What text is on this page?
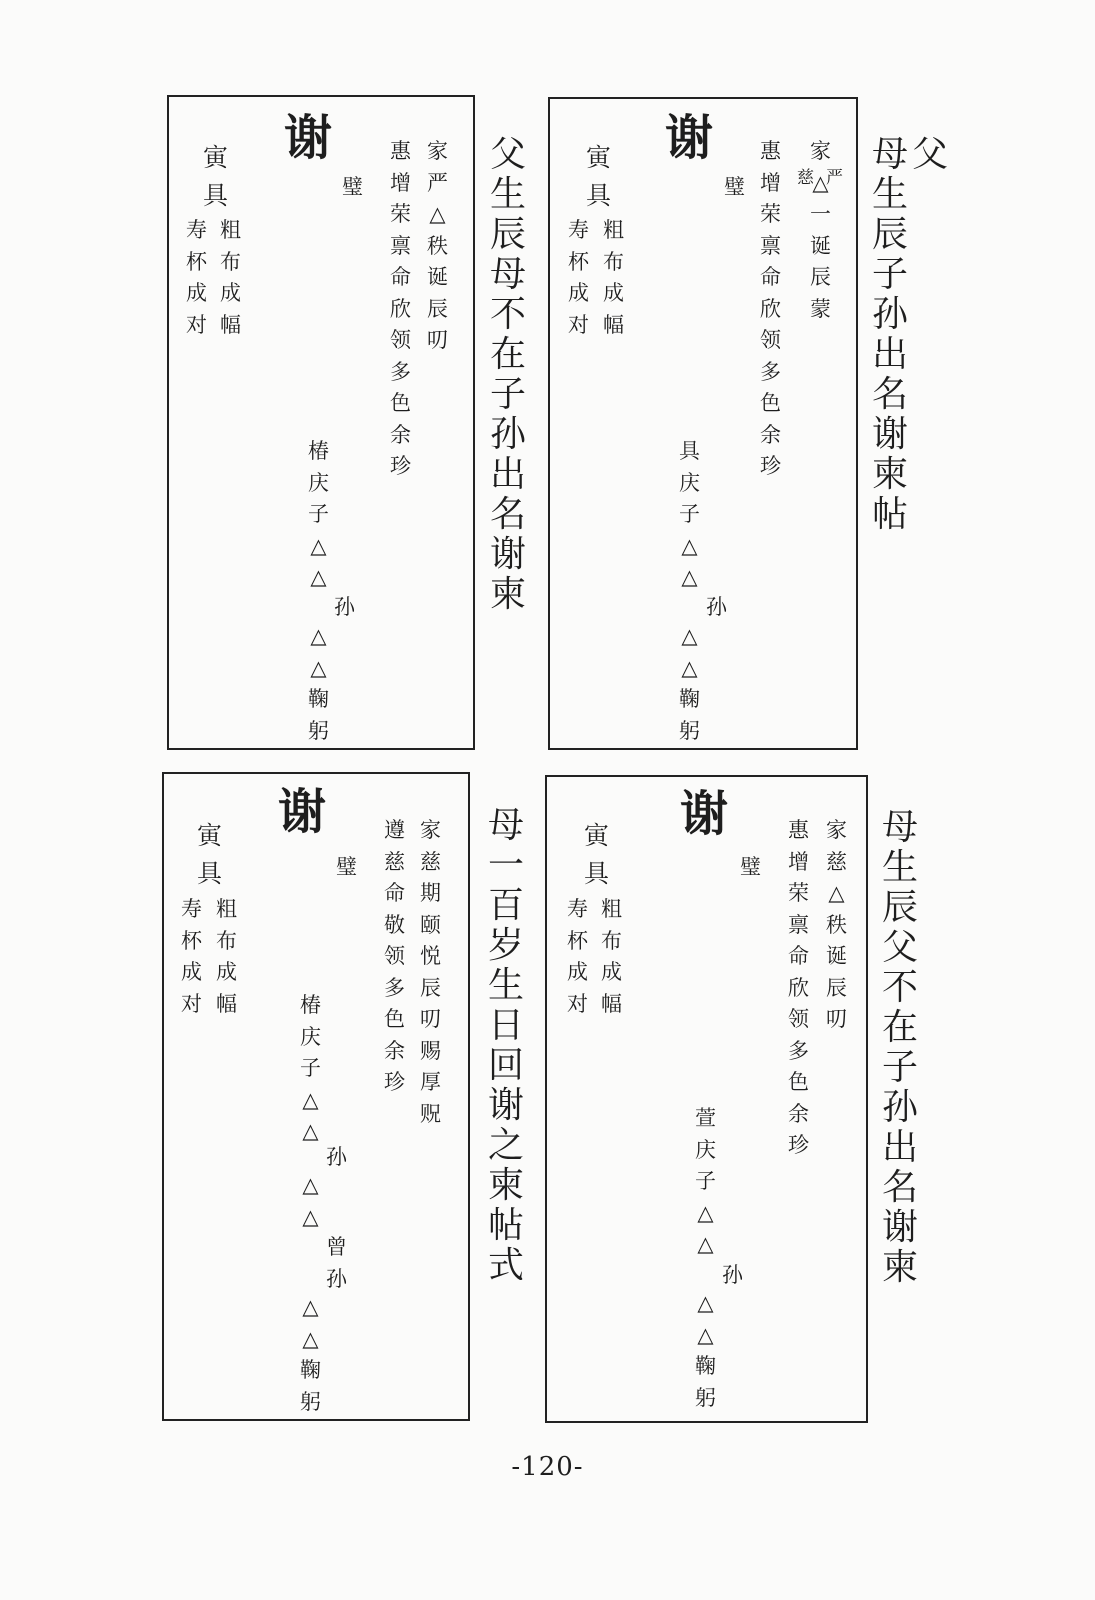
父
母
生
辰
子
孙
出
名
谢
柬
帖
谢
璧	严
慈
家
△
一
诞
辰
蒙
惠
增
荣
禀
命
欣
领
多
色
余
珍
寅
具
粗
布
成
幅
寿
杯
成
对
具
庆
子
△
△
孙
△
△
鞠
躬
父
生
辰
母
不
在
子
孙
出
名
谢
柬
谢
璧
家
严
△
秩
诞
辰
叨
惠
增
荣
禀
命
欣
领
多
色
余
珍
寅
具
粗
布
成
幅
寿
杯
成
对
椿
庆
子
△
△
孙
△
△
鞠
躬
母
生
辰
父
不
在
子
孙
出
名
谢
柬
谢
璧
家
慈
△
秩
诞
辰
叨
惠
增
荣
禀
命
欣
领
多
色
余
珍
寅
具
粗
布
成
幅
寿
杯
成
对
萱
庆
子
△
△
孙
△
△
鞠
躬
母
一
百
岁
生
日
回
谢
之
柬
帖
式
谢
璧
家
慈
期
颐
悦
辰
叨
赐
厚
贶
遵
慈
命
敬
领
多
色
余
珍
寅
具
粗
布
成
幅
寿
杯
成
对	椿
庆
子
△
△
孙
△
△
曾
孙
△
△
鞠
躬
-120-
